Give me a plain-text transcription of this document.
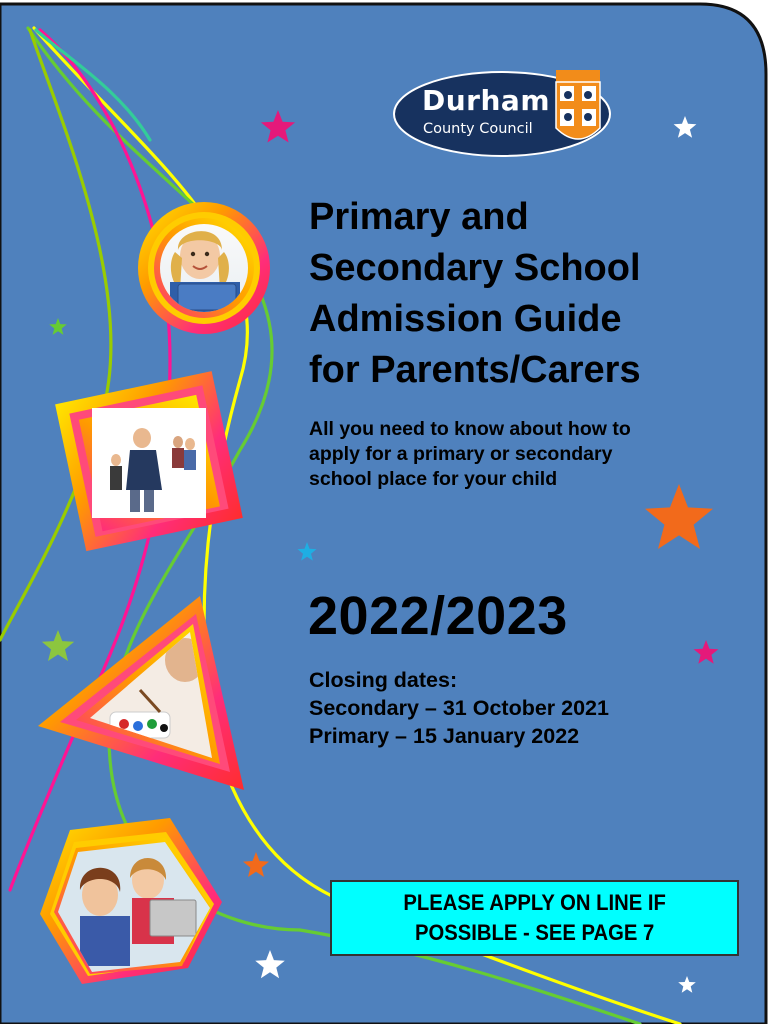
Durham

County Council

Primary and
Secondary School
Admission Guide
for Parents/Carers

All you need to know about how to
apply for a primary or secondary
school place for your child

2022/2023

Closing dates:
Secondary – 31 October 2021
Primary – 15 January 2022

PLEASE APPLY ON LINE IF
POSSIBLE - SEE PAGE 7
